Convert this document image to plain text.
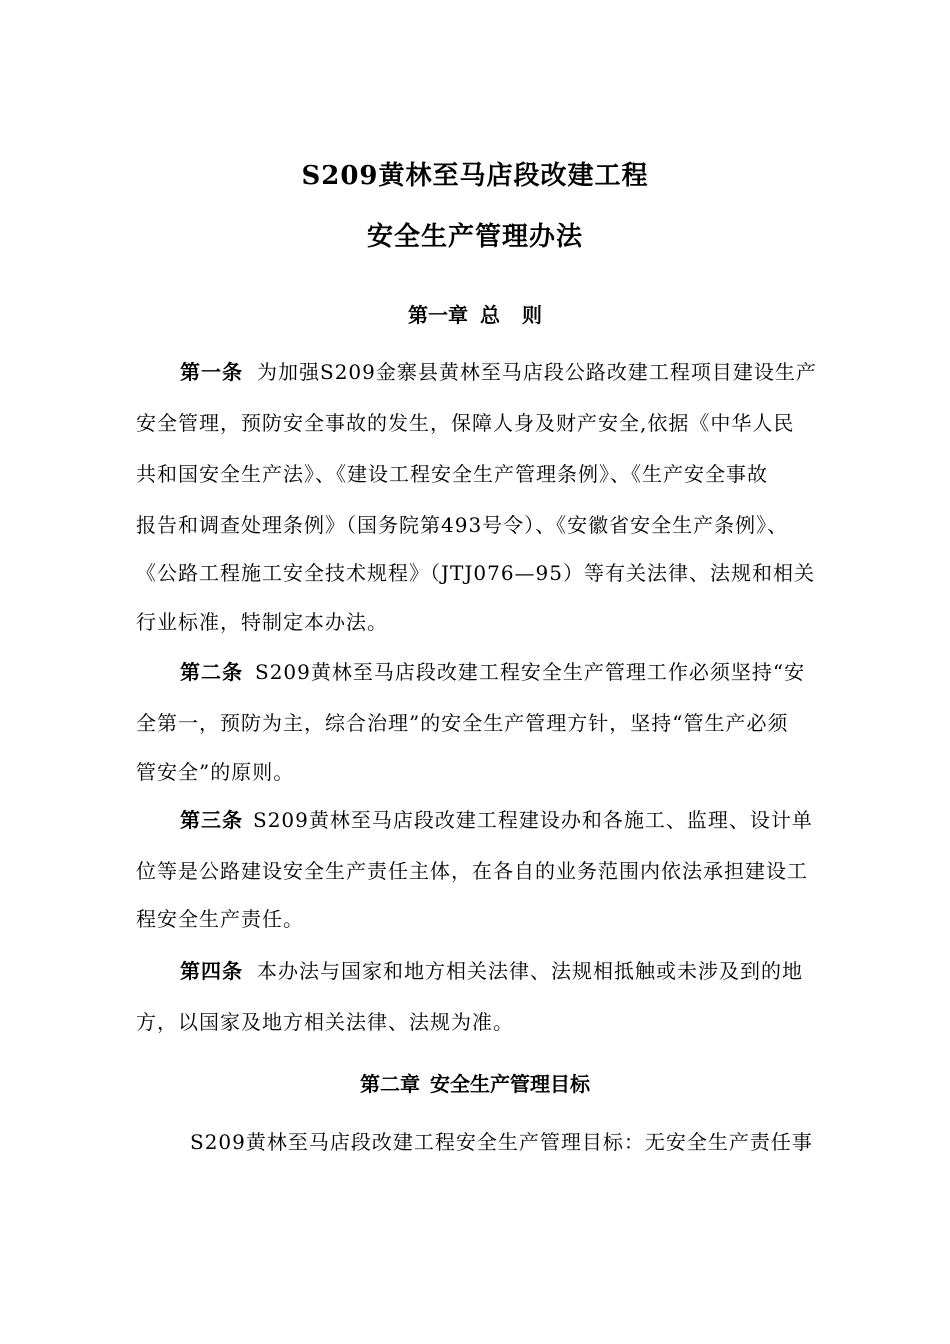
S209黄林至马店段改建工程
安全生产管理办法
第一章 总 则
第一条 为加强S209金寨县黄林至马店段公路改建工程项目建设生产
安全管理，预防安全事故的发生，保障人身及财产安全,依据《中华人民
共和国安全生产法》、《建设工程安全生产管理条例》、《生产安全事故
报告和调查处理条例》（国务院第493号令）、《安徽省安全生产条例》、
《公路工程施工安全技术规程》（JTJ076—95）等有关法律、法规和相关
行业标准，特制定本办法。
第二条 S209黄林至马店段改建工程安全生产管理工作必须坚持“安
全第一，预防为主，综合治理”的安全生产管理方针，坚持“管生产必须
管安全”的原则。
第三条 S209黄林至马店段改建工程建设办和各施工、监理、设计单
位等是公路建设安全生产责任主体，在各自的业务范围内依法承担建设工
程安全生产责任。
第四条 本办法与国家和地方相关法律、法规相抵触或未涉及到的地
方，以国家及地方相关法律、法规为准。
第二章 安全生产管理目标
S209黄林至马店段改建工程安全生产管理目标：无安全生产责任事
